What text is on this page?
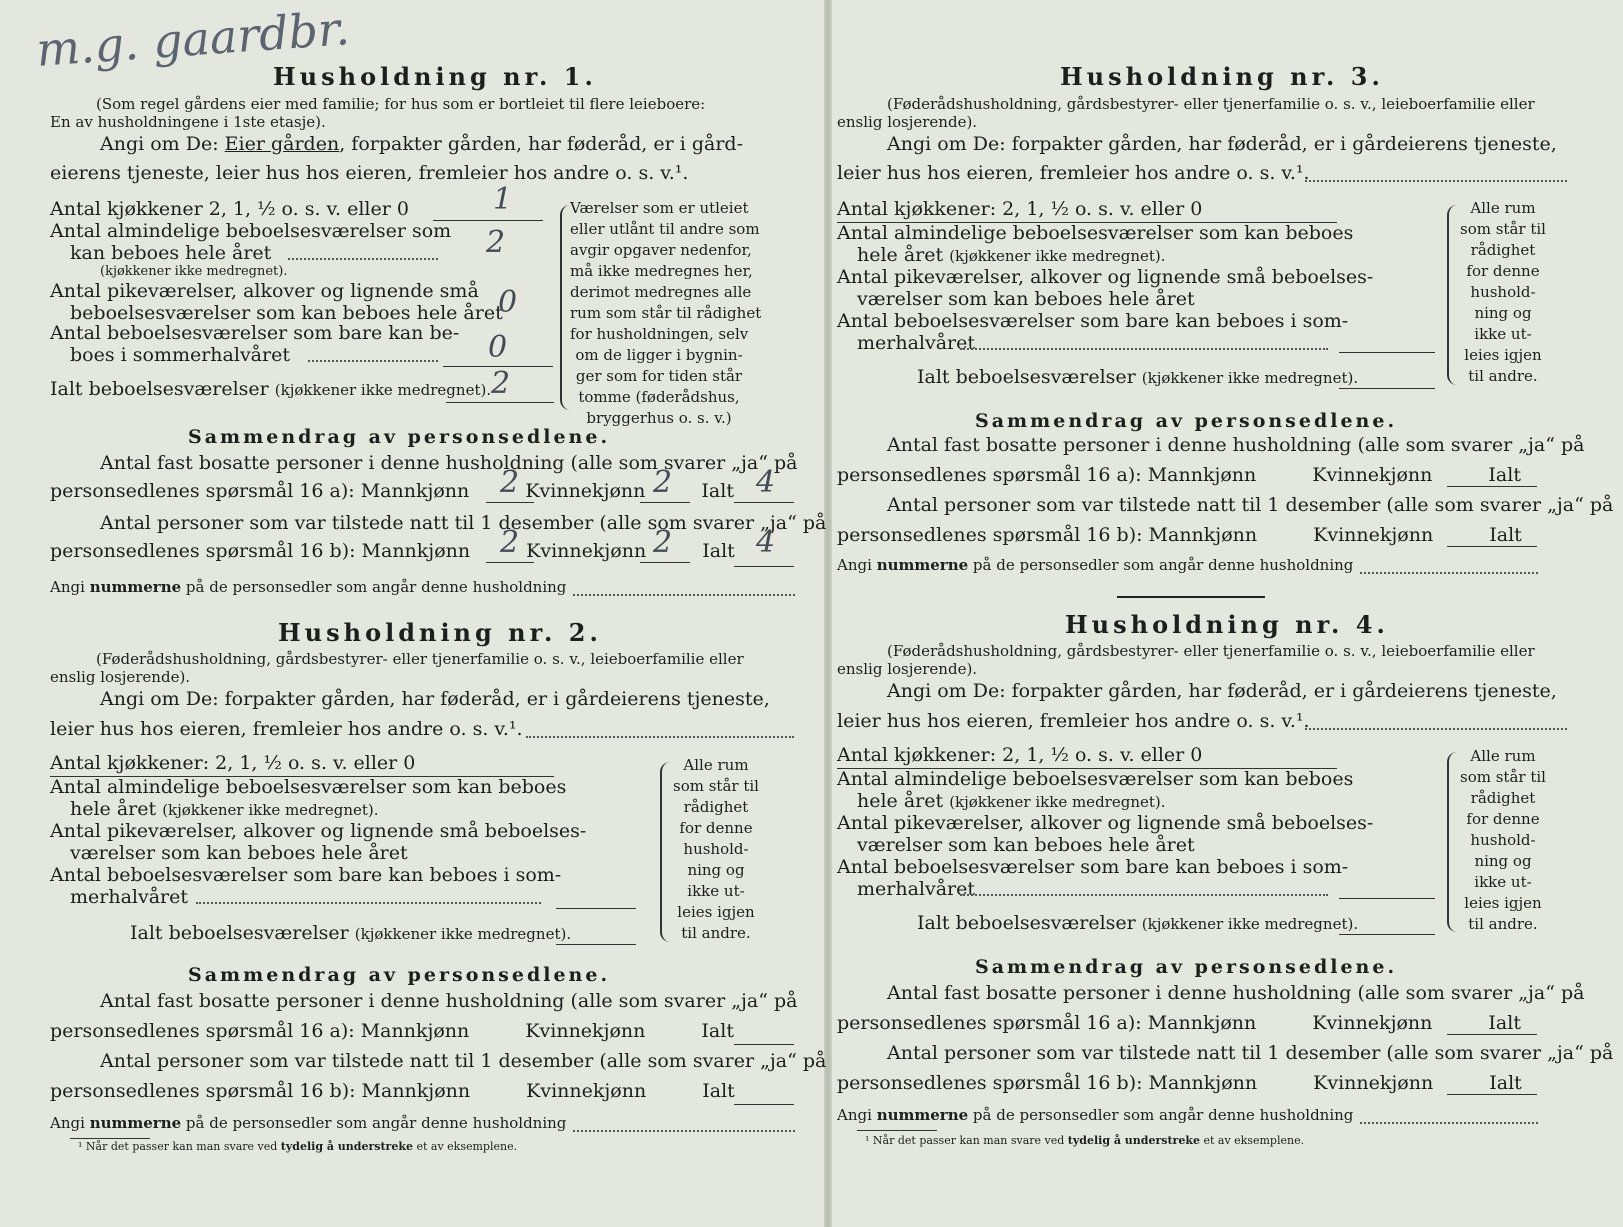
m.g. gaardbr.
Husholdning nr. 1.
(Som regel gårdens eier med familie; for hus som er bortleiet til flere leieboere:
En av husholdningene i 1ste etasje).
Angi om De: Eier gården, forpakter gården, har føderåd, er i gård-
eierens tjeneste, leier hus hos eieren, fremleier hos andre o. s. v.¹.
Antal kjøkkener 2, 1, ½ o. s. v. eller 0	1
Antal almindelige beboelsesværelser som
kan beboes hele året
(kjøkkener ikke medregnet).
2
Antal pikeværelser, alkover og lignende små
beboelsesværelser som kan beboes hele året
0
Antal beboelsesværelser som bare kan be-
boes i sommerhalvåret	0
Ialt beboelsesværelser (kjøkkener ikke medregnet). 2
Værelser som er utleiet
eller utlånt til andre som
avgir opgaver nedenfor,
må ikke medregnes her,
derimot medregnes alle
rum som står til rådighet
for husholdningen, selv
om de ligger i bygnin-
ger som for tiden står
tomme (føderådshus,
bryggerhus o. s. v.)
Sammendrag av personsedlene.
Antal fast bosatte personer i denne husholdning (alle som svarer „ja“ på
personsedlenes spørsmål 16 a): Mannkjønn	Kvinnekjønn	Ialt
2	2	4
Antal personer som var tilstede natt til 1 desember (alle som svarer „ja“ på
personsedlenes spørsmål 16 b): Mannkjønn	Kvinnekjønn	Ialt
2	2	4
Angi nummerne på de personsedler som angår denne husholdning
Husholdning nr. 2.
(Føderådshusholdning, gårdsbestyrer- eller tjenerfamilie o. s. v., leieboerfamilie eller
enslig losjerende).
Angi om De: forpakter gården, har føderåd, er i gårdeierens tjeneste,
leier hus hos eieren, fremleier hos andre o. s. v.¹.
Antal kjøkkener: 2, 1, ½ o. s. v. eller 0
Antal almindelige beboelsesværelser som kan beboes
hele året (kjøkkener ikke medregnet).
Antal pikeværelser, alkover og lignende små beboelses-
værelser som kan beboes hele året
Antal beboelsesværelser som bare kan beboes i som-
merhalvåret
Ialt beboelsesværelser (kjøkkener ikke medregnet).
Alle rum
som står til
rådighet
for denne
hushold-
ning og
ikke ut-
leies igjen
til andre.
Sammendrag av personsedlene.
Antal fast bosatte personer i denne husholdning (alle som svarer „ja“ på
personsedlenes spørsmål 16 a): Mannkjønn	Kvinnekjønn	Ialt
Antal personer som var tilstede natt til 1 desember (alle som svarer „ja“ på
personsedlenes spørsmål 16 b): Mannkjønn	Kvinnekjønn	Ialt
Angi nummerne på de personsedler som angår denne husholdning
¹ Når det passer kan man svare ved tydelig å understreke et av eksemplene.
Husholdning nr. 3.
(Føderådshusholdning, gårdsbestyrer- eller tjenerfamilie o. s. v., leieboerfamilie eller
enslig losjerende).
Angi om De: forpakter gården, har føderåd, er i gårdeierens tjeneste,
leier hus hos eieren, fremleier hos andre o. s. v.¹.
Antal kjøkkener: 2, 1, ½ o. s. v. eller 0
Antal almindelige beboelsesværelser som kan beboes
hele året (kjøkkener ikke medregnet).
Antal pikeværelser, alkover og lignende små beboelses-
værelser som kan beboes hele året
Antal beboelsesværelser som bare kan beboes i som-
merhalvåret
Ialt beboelsesværelser (kjøkkener ikke medregnet).
Alle rum
som står til
rådighet
for denne
hushold-
ning og
ikke ut-
leies igjen
til andre.
Sammendrag av personsedlene.
Antal fast bosatte personer i denne husholdning (alle som svarer „ja“ på
personsedlenes spørsmål 16 a): Mannkjønn	Kvinnekjønn	Ialt
Antal personer som var tilstede natt til 1 desember (alle som svarer „ja“ på
personsedlenes spørsmål 16 b): Mannkjønn	Kvinnekjønn	Ialt
Angi nummerne på de personsedler som angår denne husholdning
Husholdning nr. 4.
(Føderådshusholdning, gårdsbestyrer- eller tjenerfamilie o. s. v., leieboerfamilie eller
enslig losjerende).
Angi om De: forpakter gården, har føderåd, er i gårdeierens tjeneste,
leier hus hos eieren, fremleier hos andre o. s. v.¹.
Antal kjøkkener: 2, 1, ½ o. s. v. eller 0
Antal almindelige beboelsesværelser som kan beboes
hele året (kjøkkener ikke medregnet).
Antal pikeværelser, alkover og lignende små beboelses-
værelser som kan beboes hele året
Antal beboelsesværelser som bare kan beboes i som-
merhalvåret
Ialt beboelsesværelser (kjøkkener ikke medregnet).
Alle rum
som står til
rådighet
for denne
hushold-
ning og
ikke ut-
leies igjen
til andre.
Sammendrag av personsedlene.
Antal fast bosatte personer i denne husholdning (alle som svarer „ja“ på
personsedlenes spørsmål 16 a): Mannkjønn	Kvinnekjønn	Ialt
Antal personer som var tilstede natt til 1 desember (alle som svarer „ja“ på
personsedlenes spørsmål 16 b): Mannkjønn	Kvinnekjønn	Ialt
Angi nummerne på de personsedler som angår denne husholdning
¹ Når det passer kan man svare ved tydelig å understreke et av eksemplene.
